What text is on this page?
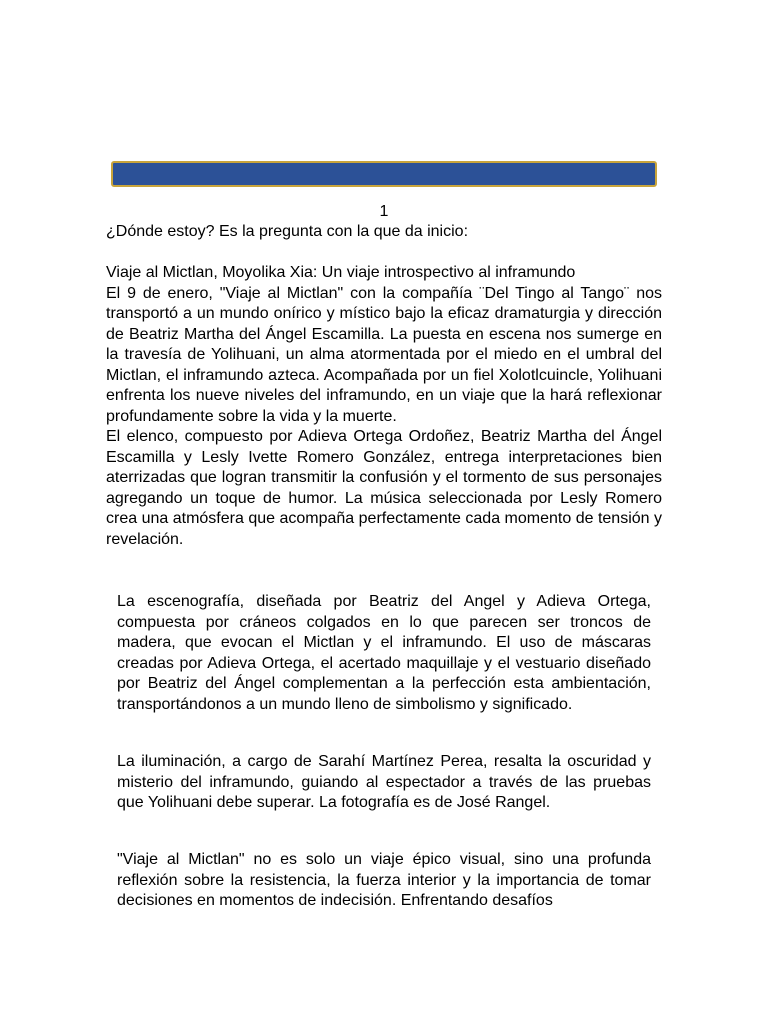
1

¿Dónde estoy? Es la pregunta con la que da inicio:

Viaje al Mictlan, Moyolika Xia: Un viaje introspectivo al inframundo

El 9 de enero, "Viaje al Mictlan" con la compañía ¨Del Tingo al Tango¨ nos transportó a un mundo onírico y místico bajo la eficaz dramaturgia y dirección de Beatriz Martha del Ángel Escamilla. La puesta en escena nos sumerge en la travesía de Yolihuani, un alma atormentada por el miedo en el umbral del Mictlan, el inframundo azteca. Acompañada por un fiel Xolotlcuincle, Yolihuani enfrenta los nueve niveles del inframundo, en un viaje que la hará reflexionar profundamente sobre la vida y la muerte.

El elenco, compuesto por Adieva Ortega Ordoñez, Beatriz Martha del Ángel Escamilla y Lesly Ivette Romero González, entrega interpretaciones bien aterrizadas que logran transmitir la confusión y el tormento de sus personajes agregando un toque de humor. La música seleccionada por Lesly Romero crea una atmósfera que acompaña perfectamente cada momento de tensión y revelación.

La escenografía, diseñada por Beatriz del Angel y Adieva Ortega, compuesta por cráneos colgados en lo que parecen ser troncos de madera, que evocan el Mictlan y el inframundo. El uso de máscaras creadas por Adieva Ortega, el acertado maquillaje y el vestuario diseñado por Beatriz del Ángel complementan a la perfección esta ambientación, transportándonos a un mundo lleno de simbolismo y significado.

La iluminación, a cargo de Sarahí Martínez Perea, resalta la oscuridad y misterio del inframundo, guiando al espectador a través de las pruebas que Yolihuani debe superar. La fotografía es de José Rangel.

"Viaje al Mictlan" no es solo un viaje épico visual, sino una profunda reflexión sobre la resistencia, la fuerza interior y la importancia de tomar decisiones en momentos de indecisión. Enfrentando desafíos
